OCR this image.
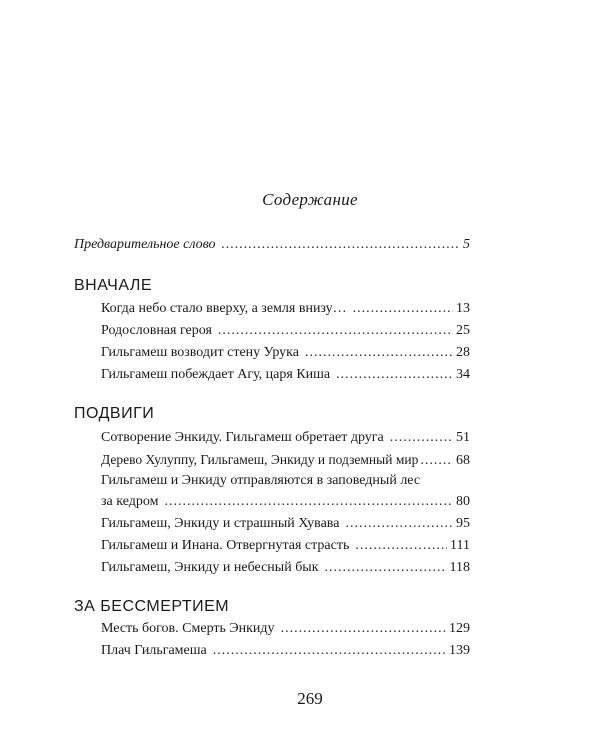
Содержание
Предварительное слово .....	5
ВНАЧАЛЕ
Когда небо стало вверху, а земля внизу… .....	13
Родословная героя .....	25
Гильгамеш возводит стену Урука .....	28
Гильгамеш побеждает Агу, царя Киша .....	34
ПОДВИГИ
Сотворение Энкиду. Гильгамеш обретает друга .....	51
Дерево Хулуппу, Гильгамеш, Энкиду и подземный мир .....	68
Гильгамеш и Энкиду отправляются в заповедный лес
за кедром .....	80
Гильгамеш, Энкиду и страшный Хувава .....	95
Гильгамеш и Инана. Отвергнутая страсть .....	111
Гильгамеш, Энкиду и небесный бык .....	118
ЗА БЕССМЕРТИЕМ
Месть богов. Смерть Энкиду .....	129
Плач Гильгамеша .....	139
269
